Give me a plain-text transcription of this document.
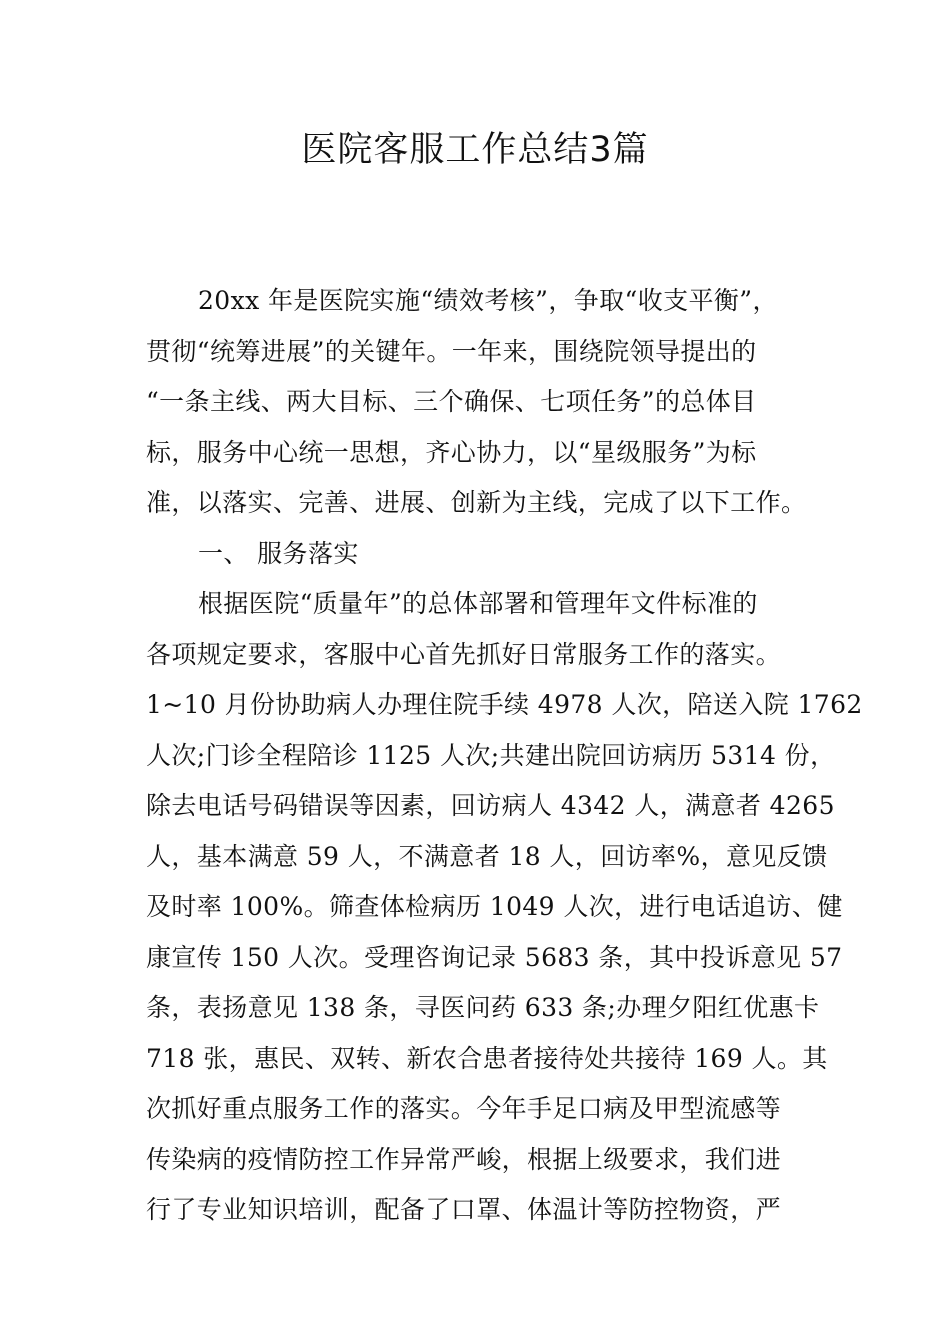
医院客服工作总结3篇
20xx 年是医院实施“绩效考核”，争取“收支平衡”，
贯彻“统筹进展”的关键年。一年来，围绕院领导提出的
“一条主线、两大目标、三个确保、七项任务”的总体目
标，服务中心统一思想，齐心协力，以“星级服务”为标
准，以落实、完善、进展、创新为主线，完成了以下工作。
一、 服务落实
根据医院“质量年”的总体部署和管理年文件标准的
各项规定要求，客服中心首先抓好日常服务工作的落实。
1~10 月份协助病人办理住院手续 4978 人次，陪送入院 1762
人次;门诊全程陪诊 1125 人次;共建出院回访病历 5314 份，
除去电话号码错误等因素，回访病人 4342 人，满意者 4265
人，基本满意 59 人，不满意者 18 人，回访率%，意见反馈
及时率 100%。筛查体检病历 1049 人次，进行电话追访、健
康宣传 150 人次。受理咨询记录 5683 条，其中投诉意见 57
条，表扬意见 138 条，寻医问药 633 条;办理夕阳红优惠卡
718 张，惠民、双转、新农合患者接待处共接待 169 人。其
次抓好重点服务工作的落实。今年手足口病及甲型流感等
传染病的疫情防控工作异常严峻，根据上级要求，我们进
行了专业知识培训，配备了口罩、体温计等防控物资，严
